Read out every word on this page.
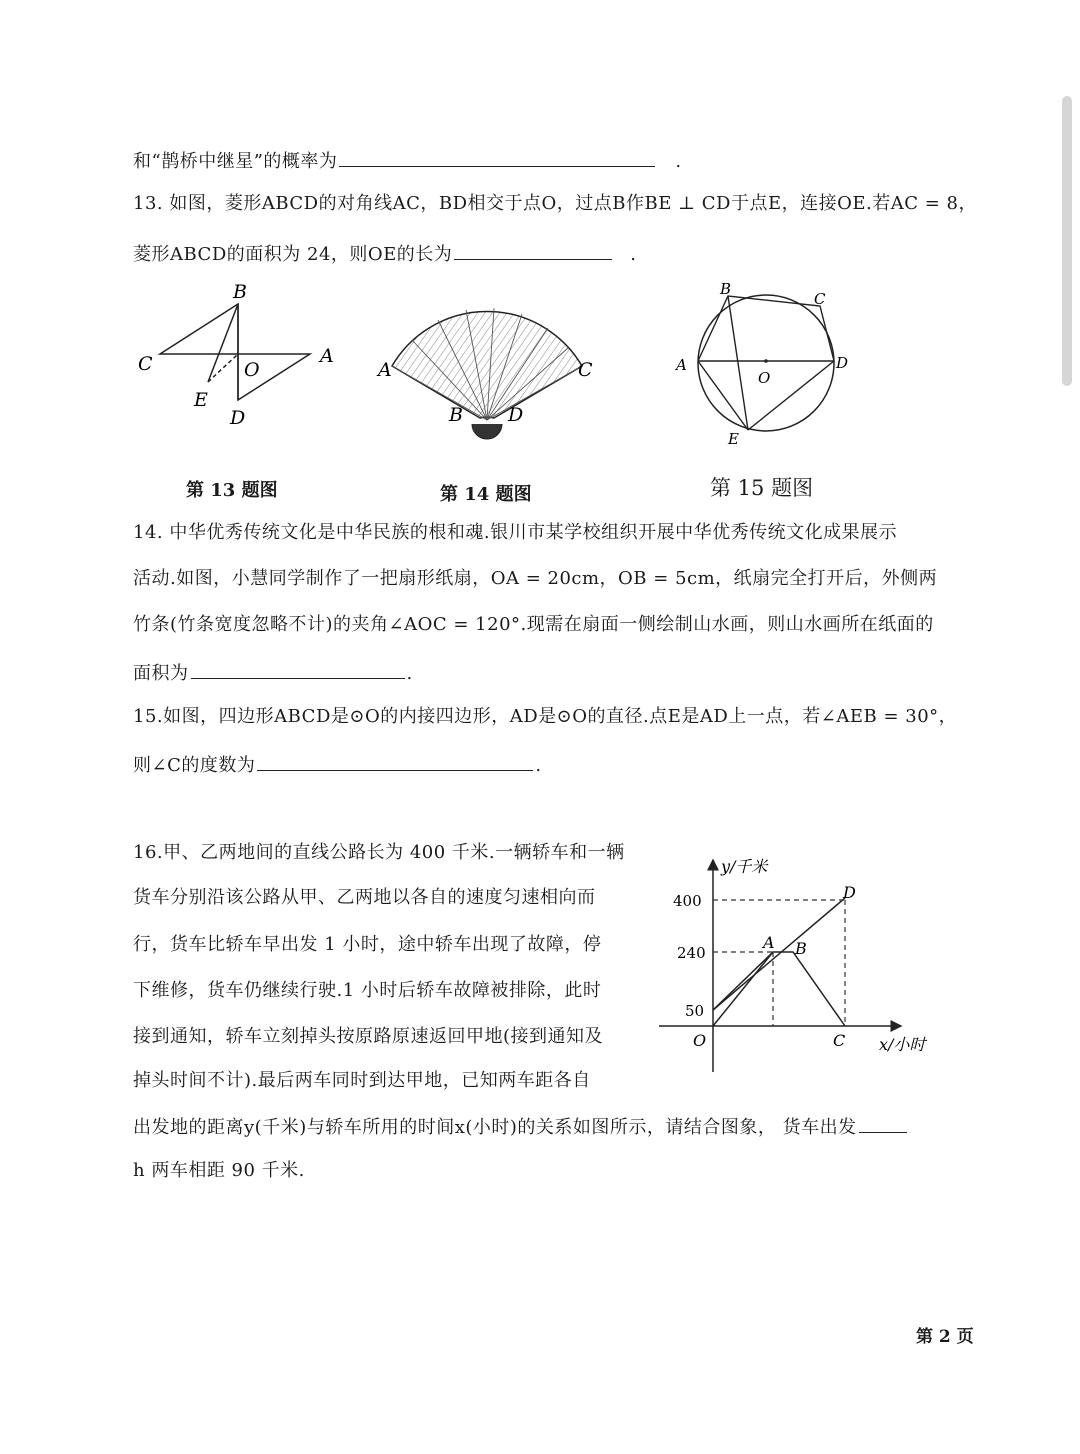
和“鹊桥中继星”的概率为	.
13. 如图，菱形ABCD的对角线AC，BD相交于点O，过点B作BE ⊥ CD于点E，连接OE.若AC = 8，
菱形ABCD的面积为 24，则OE的长为	.
B
C	O
A
E
D
A	C
B D
B
C
A
O
D
E
第 13 题图	第 14 题图	第 15 题图
14. 中华优秀传统文化是中华民族的根和魂.银川市某学校组织开展中华优秀传统文化成果展示
活动.如图，小慧同学制作了一把扇形纸扇，OA = 20cm，OB = 5cm，纸扇完全打开后，外侧两
竹条(竹条宽度忽略不计)的夹角∠AOC = 120°.现需在扇面一侧绘制山水画，则山水画所在纸面的
面积为	.
15.如图，四边形ABCD是⊙O的内接四边形，AD是⊙O的直径.点E是AD上一点，若∠AEB = 30°，
则∠C的度数为	.
16.甲、乙两地间的直线公路长为 400 千米.一辆轿车和一辆
货车分别沿该公路从甲、乙两地以各自的速度匀速相向而
行，货车比轿车早出发 1 小时，途中轿车出现了故障，停
下维修，货车仍继续行驶.1 小时后轿车故障被排除，此时
接到通知，轿车立刻掉头按原路原速返回甲地(接到通知及
掉头时间不计).最后两车同时到达甲地，已知两车距各自
出发地的距离y(千米)与轿车所用的时间x(小时)的关系如图所示，请结合图象， 货车出发
h 两车相距 90 千米.
y/千米
x/小时
400
240
50
O
A B
C
D
第 2 页
